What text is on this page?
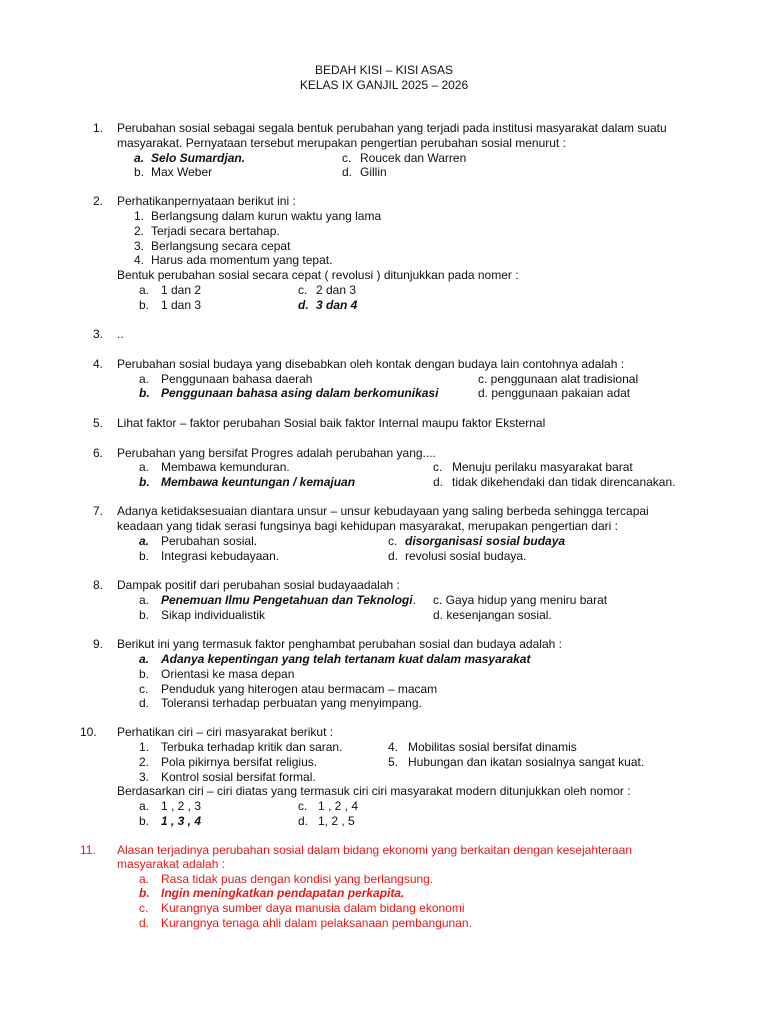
BEDAH KISI – KISI ASAS
KELAS IX GANJIL 2025 – 2026
1. Perubahan sosial sebagai segala bentuk perubahan yang terjadi pada institusi masyarakat dalam suatu
masyarakat. Pernyataan tersebut merupakan pengertian perubahan sosial menurut :
a. Selo Sumardjan.
b. Max Weber
c. Roucek dan Warren
d. Gillin
2. Perhatikanpernyataan berikut ini :
1. Berlangsung dalam kurun waktu yang lama
2. Terjadi secara bertahap.
3. Berlangsung secara cepat
4. Harus ada momentum yang tepat.
Bentuk perubahan sosial secara cepat ( revolusi ) ditunjukkan pada nomer :
a. 1 dan 2
b. 1 dan 3
c. 2 dan 3
d. 3 dan 4
3. ..
4. Perubahan sosial budaya yang disebabkan oleh kontak dengan budaya lain contohnya adalah :
a. Penggunaan bahasa daerah
b. Penggunaan bahasa asing dalam berkomunikasi
c. penggunaan alat tradisional
d. penggunaan pakaian adat
5. Lihat faktor – faktor perubahan Sosial baik faktor Internal maupu faktor Eksternal
6. Perubahan yang bersifat Progres adalah perubahan yang....
a. Membawa kemunduran.
b. Membawa keuntungan / kemajuan
c. Menuju perilaku masyarakat barat
d. tidak dikehendaki dan tidak direncanakan.
7. Adanya ketidaksesuaian diantara unsur – unsur kebudayaan yang saling berbeda sehingga tercapai
keadaan yang tidak serasi fungsinya bagi kehidupan masyarakat, merupakan pengertian dari :
a. Perubahan sosial.
b. Integrasi kebudayaan.
c. disorganisasi sosial budaya
d. revolusi sosial budaya.
8. Dampak positif dari perubahan sosial budayaadalah :
a. Penemuan Ilmu Pengetahuan dan Teknologi.
b. Sikap individualistik
c. Gaya hidup yang meniru barat
d. kesenjangan sosial.
9. Berikut ini yang termasuk faktor penghambat perubahan sosial dan budaya adalah :
a. Adanya kepentingan yang telah tertanam kuat dalam masyarakat
b. Orientasi ke masa depan
c. Penduduk yang hiterogen atau bermacam – macam
d. Toleransi terhadap perbuatan yang menyimpang.
10. Perhatikan ciri – ciri masyarakat berikut :
1. Terbuka terhadap kritik dan saran.
2. Pola pikirnya bersifat religius.
3. Kontrol sosial bersifat formal.
4. Mobilitas sosial bersifat dinamis
5. Hubungan dan ikatan sosialnya sangat kuat.
Berdasarkan ciri – ciri diatas yang termasuk ciri ciri masyarakat modern ditunjukkan oleh nomor :
a. 1 , 2 , 3
b. 1 , 3 , 4
c. 1 , 2 , 4
d. 1, 2 , 5
11. Alasan terjadinya perubahan sosial dalam bidang ekonomi yang berkaitan dengan kesejahteraan
masyarakat adalah :
a. Rasa tidak puas dengan kondisi yang berlangsung.
b. Ingin meningkatkan pendapatan perkapita.
c. Kurangnya sumber daya manusia dalam bidang ekonomi
d. Kurangnya tenaga ahli dalam pelaksanaan pembangunan.
